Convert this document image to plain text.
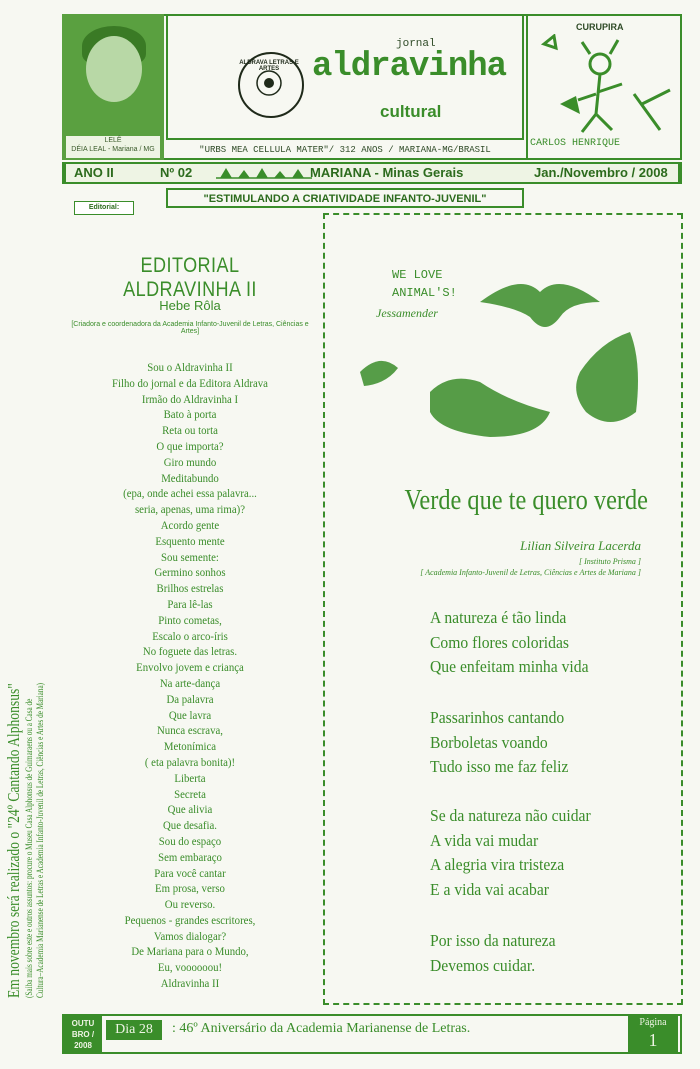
LELÊ
DÉIA LEAL - Mariana / MG
ALDRAVA LETRAS E ARTES
jornal
aldravinha
cultural
"URBS MEA CELLULA MATER"/ 312 ANOS / MARIANA-MG/BRASIL
CURUPIRA
CARLOS HENRIQUE
ANO II	Nº 02	MARIANA - Minas Gerais	Jan./Novembro / 2008
Editorial:
"ESTIMULANDO A CRIATIVIDADE INFANTO-JUVENIL"
EDITORIAL ALDRAVINHA II
Hebe Rôla
[Criadora e coordenadora da Academia Infanto-Juvenil de Letras, Ciências e Artes]
Sou o Aldravinha II
Filho do jornal e da Editora Aldrava
Irmão do Aldravinha I
Bato à porta
Reta ou torta
O que importa?
Giro mundo
Meditabundo
(epa, onde achei essa palavra...
seria, apenas, uma rima)?
Acordo gente
Esquento mente
Sou semente:
Germino sonhos
Brilhos estrelas
Para lê-las
Pinto cometas,
Escalo o arco-íris
No foguete das letras.
Envolvo jovem e criança
Na arte-dança
Da palavra
Que lavra
Nunca escrava,
Metonímica
( eta palavra bonita)!
Liberta
Secreta
Que alivia
Que desafia.
Sou do espaço
Sem embaraço
Para você cantar
Em prosa, verso
Ou reverso.
Pequenos - grandes escritores,
Vamos dialogar?
De Mariana para o Mundo,
Eu, voooooou!
Aldravinha II
Em novembro será realizado o "24º Cantando Alphonsus" (Saiba mais sobre este e outros assuntos: procure o Museu Casa Alphonsus de Guimaraens ou a Casa de Cultura–Academia Marianense de Letras e Academia Infanto-Juvenil de Letras, Ciências e Artes de Mariana)
WE LOVE
ANIMAL'S!
Jessamender
Verde que te quero verde
Lilian Silveira Lacerda
[ Instituto Prisma ]
[ Academia Infanto-Juvenil de Letras, Ciências e Artes de Mariana ]
A natureza é tão linda
Como flores coloridas
Que enfeitam minha vida
Passarinhos cantando
Borboletas voando
Tudo isso me faz feliz
Se da natureza não cuidar
A vida vai mudar
A alegria vira tristeza
E a vida vai acabar
Por isso da natureza
Devemos cuidar.
OUTU
BRO /
2008
Dia 28	: 46º Aniversário da Academia Marianense de Letras.	Página
1
